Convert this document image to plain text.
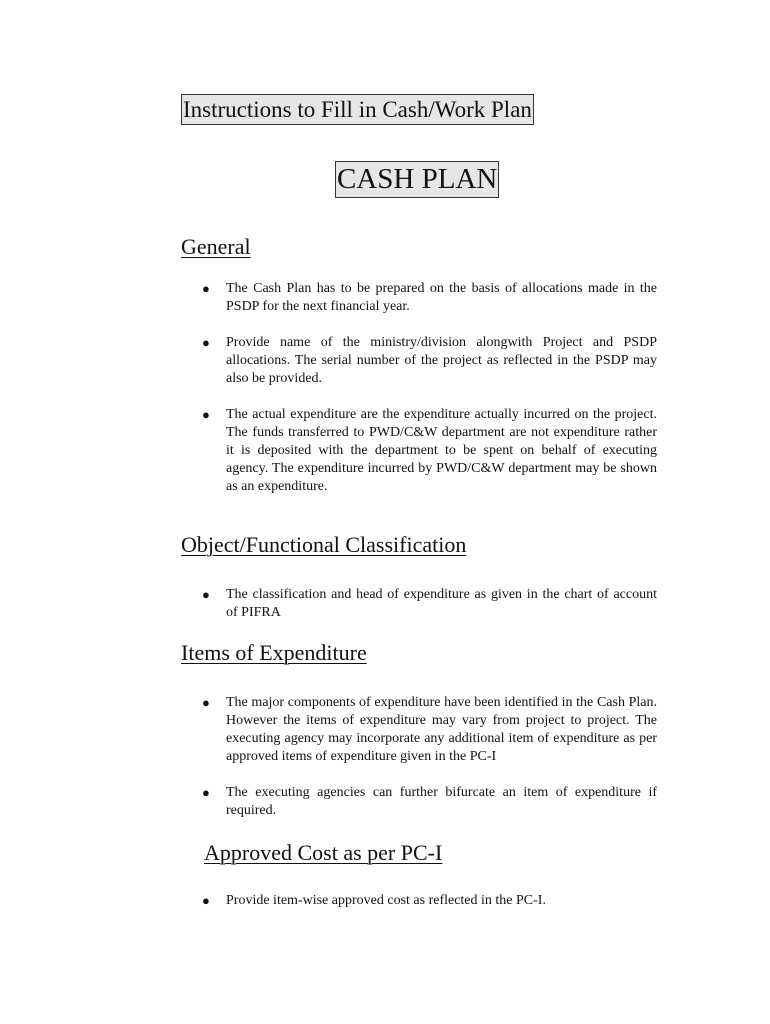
Instructions to Fill in Cash/Work Plan
CASH PLAN
General
● The Cash Plan has to be prepared on the basis of allocations made in the PSDP for the next financial year.
● Provide name of the ministry/division alongwith Project and PSDP allocations. The serial number of the project as reflected in the PSDP may also be provided.
● The actual expenditure are the expenditure actually incurred on the project. The funds transferred to PWD/C&W department are not expenditure rather it is deposited with the department to be spent on behalf of executing agency. The expenditure incurred by PWD/C&W department may be shown as an expenditure.
Object/Functional Classification
● The classification and head of expenditure as given in the chart of account of PIFRA
Items of Expenditure
● The major components of expenditure have been identified in the Cash Plan. However the items of expenditure may vary from project to project. The executing agency may incorporate any additional item of expenditure as per approved items of expenditure given in the PC-I
● The executing agencies can further bifurcate an item of expenditure if required.
Approved Cost as per PC-I
● Provide item-wise approved cost as reflected in the PC-I.
